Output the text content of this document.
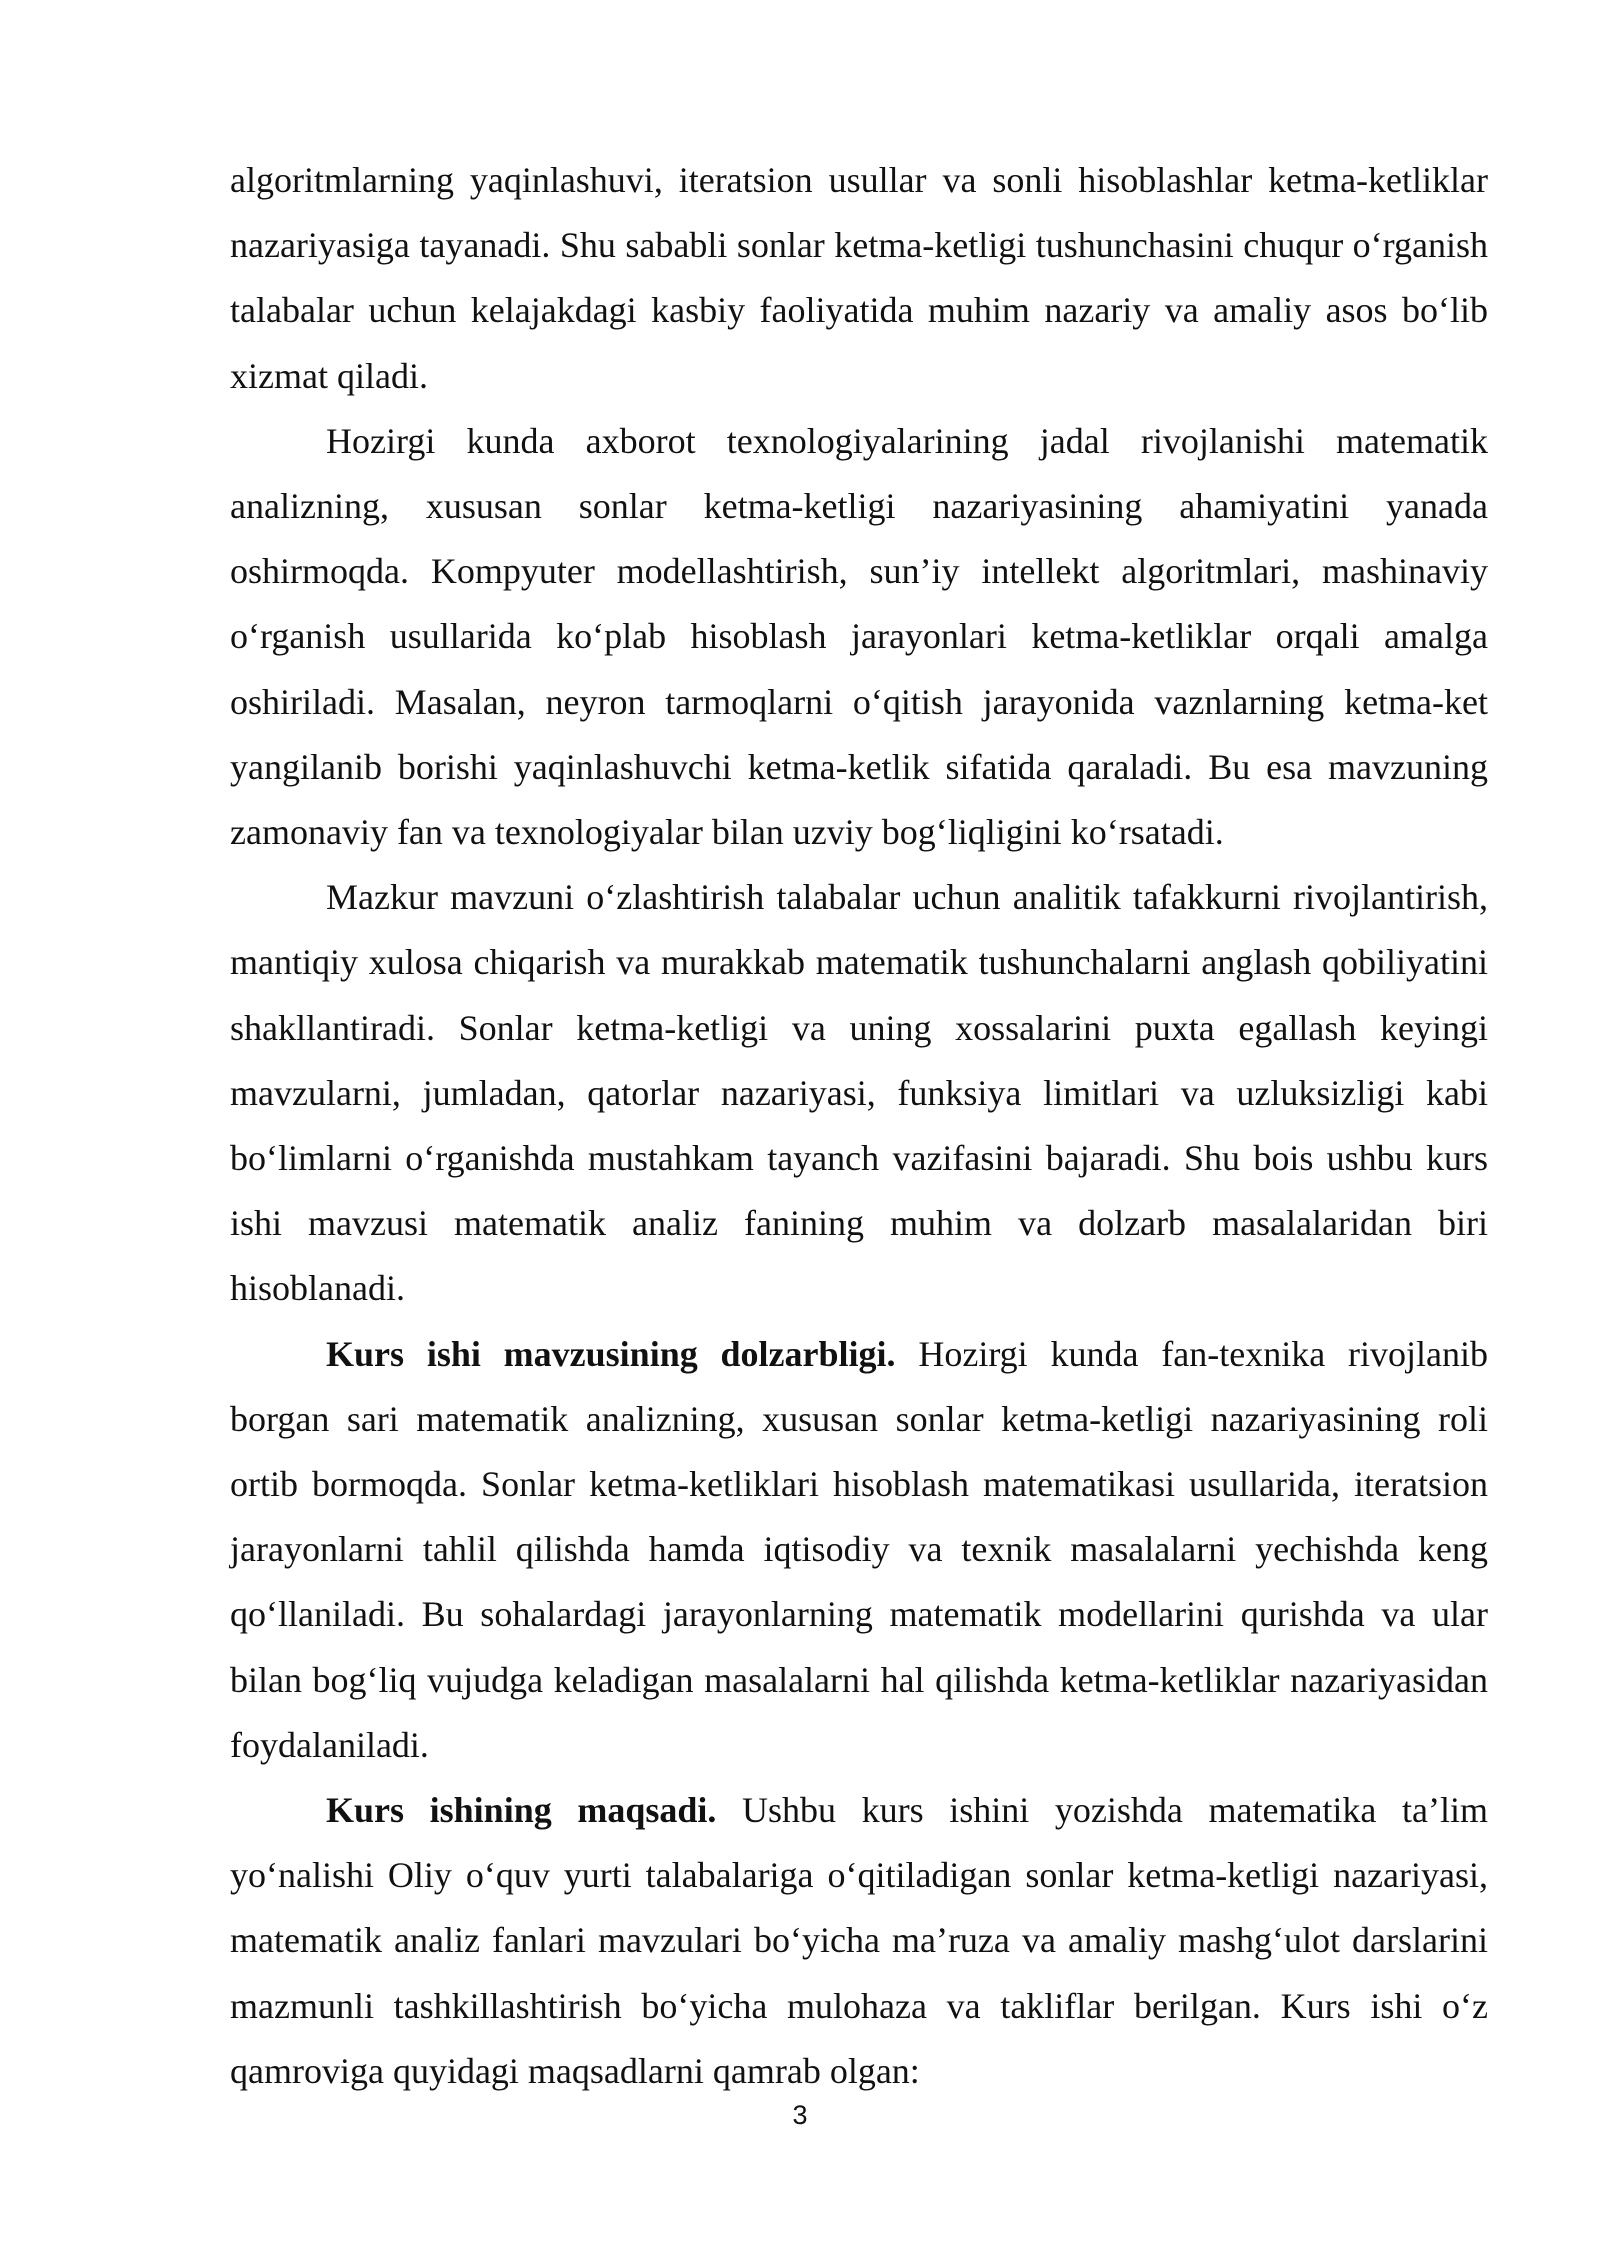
algoritmlarning yaqinlashuvi, iteratsion usullar va sonli hisoblashlar ketma-ketliklar nazariyasiga tayanadi. Shu sababli sonlar ketma-ketligi tushunchasini chuqur o‘rganish talabalar uchun kelajakdagi kasbiy faoliyatida muhim nazariy va amaliy asos bo‘lib xizmat qiladi.

Hozirgi kunda axborot texnologiyalarining jadal rivojlanishi matematik analizning, xususan sonlar ketma-ketligi nazariyasining ahamiyatini yanada oshirmoqda. Kompyuter modellashtirish, sun’iy intellekt algoritmlari, mashinaviy o‘rganish usullarida ko‘plab hisoblash jarayonlari ketma-ketliklar orqali amalga oshiriladi. Masalan, neyron tarmoqlarni o‘qitish jarayonida vaznlarning ketma-ket yangilanib borishi yaqinlashuvchi ketma-ketlik sifatida qaraladi. Bu esa mavzuning zamonaviy fan va texnologiyalar bilan uzviy bog‘liqligini ko‘rsatadi.

Mazkur mavzuni o‘zlashtirish talabalar uchun analitik tafakkurni rivojlantirish, mantiqiy xulosa chiqarish va murakkab matematik tushunchalarni anglash qobiliyatini shakllantiradi. Sonlar ketma-ketligi va uning xossalarini puxta egallash keyingi mavzularni, jumladan, qatorlar nazariyasi, funksiya limitlari va uzluksizligi kabi bo‘limlarni o‘rganishda mustahkam tayanch vazifasini bajaradi. Shu bois ushbu kurs ishi mavzusi matematik analiz fanining muhim va dolzarb masalalaridan biri hisoblanadi.

Kurs ishi mavzusining dolzarbligi. Hozirgi kunda fan-texnika rivojlanib borgan sari matematik analizning, xususan sonlar ketma-ketligi nazariyasining roli ortib bormoqda. Sonlar ketma-ketliklari hisoblash matematikasi usullarida, iteratsion jarayonlarni tahlil qilishda hamda iqtisodiy va texnik masalalarni yechishda keng qo‘llaniladi. Bu sohalardagi jarayonlarning matematik modellarini qurishda va ular bilan bog‘liq vujudga keladigan masalalarni hal qilishda ketma-ketliklar nazariyasidan foydalaniladi.

Kurs ishining maqsadi. Ushbu kurs ishini yozishda matematika ta’lim yo‘nalishi Oliy o‘quv yurti talabalariga o‘qitiladigan sonlar ketma-ketligi nazariyasi, matematik analiz fanlari mavzulari bo‘yicha ma’ruza va amaliy mashg‘ulot darslarini mazmunli tashkillashtirish bo‘yicha mulohaza va takliflar berilgan. Kurs ishi o‘z qamroviga quyidagi maqsadlarni qamrab olgan:

3
